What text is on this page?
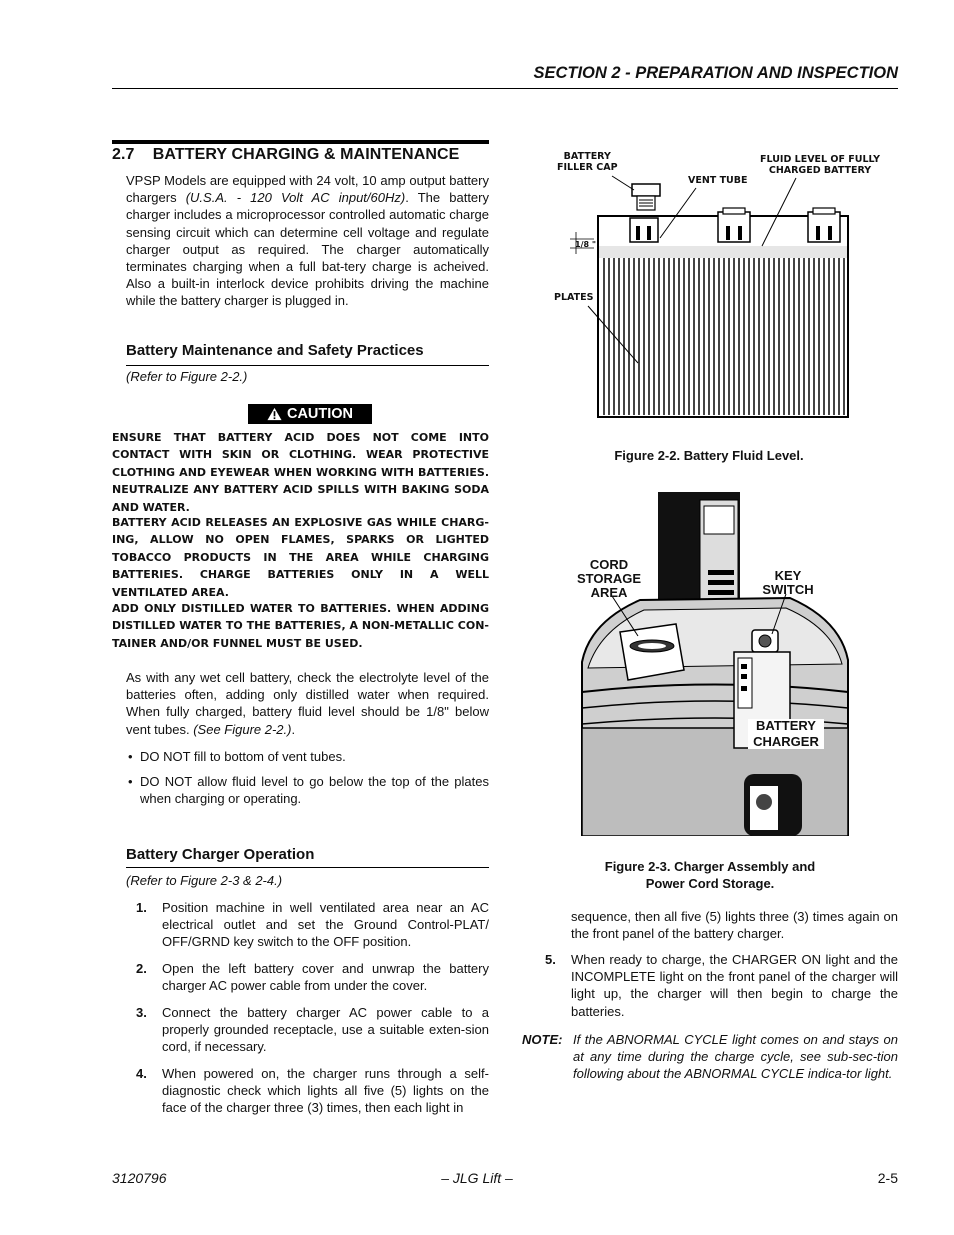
SECTION 2 - PREPARATION AND INSPECTION
2.7    BATTERY CHARGING & MAINTENANCE
VPSP Models are equipped with 24 volt, 10 amp output battery chargers (U.S.A. - 120 Volt AC input/60Hz). The battery charger includes a microprocessor controlled automatic charge sensing circuit which can determine cell voltage and regulate charger output as required. The charger automatically terminates charging when a full bat-tery charge is acheived. Also a built-in interlock device prohibits driving the machine while the battery charger is plugged in.
Battery Maintenance and Safety Practices
(Refer to Figure 2-2.)
CAUTION
ENSURE THAT BATTERY ACID DOES NOT COME INTO CONTACT WITH SKIN OR CLOTHING. WEAR PROTECTIVE CLOTHING AND EYEWEAR WHEN WORKING WITH BATTERIES. NEUTRALIZE ANY BATTERY ACID SPILLS WITH BAKING SODA AND WATER.
BATTERY ACID RELEASES AN EXPLOSIVE GAS WHILE CHARG-ING, ALLOW NO OPEN FLAMES, SPARKS OR LIGHTED TOBACCO PRODUCTS IN THE AREA WHILE CHARGING BATTERIES. CHARGE BATTERIES ONLY IN A WELL VENTILATED AREA.
ADD ONLY DISTILLED WATER TO BATTERIES. WHEN ADDING DISTILLED WATER TO THE BATTERIES, A NON-METALLIC CON-TAINER AND/OR FUNNEL MUST BE USED.
As with any wet cell battery, check the electrolyte level of the batteries often, adding only distilled water when required. When fully charged, battery fluid level should be 1/8" below vent tubes. (See Figure 2-2.).
• DO NOT fill to bottom of vent tubes.
• DO NOT allow fluid level to go below the top of the plates when charging or operating.
Battery Charger Operation
(Refer to Figure 2-3 & 2-4.)
1. Position machine in well ventilated area near an AC electrical outlet and set the Ground Control-PLAT/ OFF/GRND key switch to the OFF position.
2. Open the left battery cover and unwrap the battery charger AC power cable from under the cover.
3. Connect the battery charger AC power cable to a properly grounded receptacle, use a suitable exten-sion cord, if necessary.
4. When powered on, the charger runs through a self-diagnostic check which lights all five (5) lights on the face of the charger three (3) times, then each light in
BATTERY
FILLER CAP
VENT TUBE
FLUID LEVEL OF FULLY
CHARGED BATTERY
PLATES
1/8 "
Figure 2-2. Battery Fluid Level.
CORD
STORAGE
AREA
KEY
SWITCH
BATTERY
CHARGER
Figure 2-3. Charger Assembly and
Power Cord Storage.
sequence, then all five (5) lights three (3) times again on the front panel of the battery charger.
5. When ready to charge, the CHARGER ON light and the INCOMPLETE light on the front panel of the charger will light up, the charger will then begin to charge the batteries.
NOTE: If the ABNORMAL CYCLE light comes on and stays on at any time during the charge cycle, see sub-sec-tion following about the ABNORMAL CYCLE indica-tor light.
3120796	– JLG Lift –	2-5
